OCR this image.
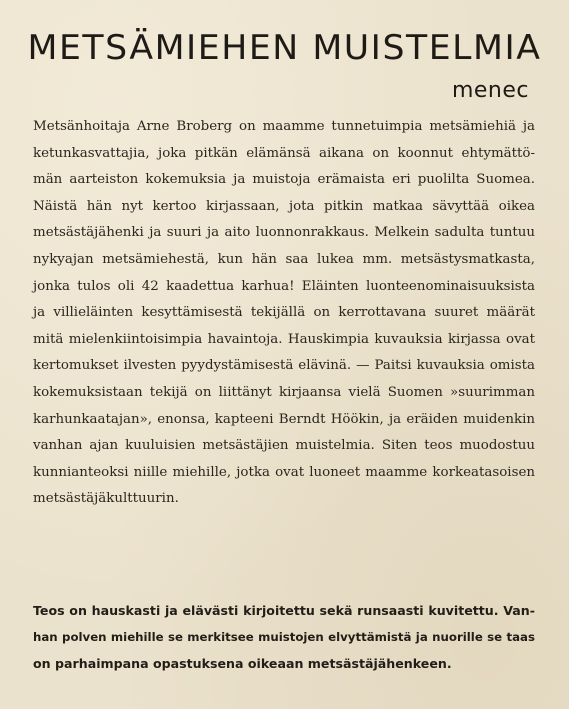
METSÄMIEHEN MUISTELMIA
menec
Metsänhoitaja Arne Broberg on maamme tunnetuimpia metsämiehiä ja
ketunkasvattajia, joka pitkän elämänsä aikana on koonnut ehtymättö-
män aarteiston kokemuksia ja muistoja erämaista eri puolilta Suomea.
Näistä hän nyt kertoo kirjassaan, jota pitkin matkaa sävyttää oikea
metsästäjähenki ja suuri ja aito luonnonrakkaus. Melkein sadulta tuntuu
nykyajan metsämiehestä, kun hän saa lukea mm. metsästysmatkasta,
jonka tulos oli 42 kaadettua karhua! Eläinten luonteenominaisuuksista
ja villieläinten kesyttämisestä tekijällä on kerrottavana suuret määrät
mitä mielenkiintoisimpia havaintoja. Hauskimpia kuvauksia kirjassa ovat
kertomukset ilvesten pyydystämisestä elävinä. — Paitsi kuvauksia omista
kokemuksistaan tekijä on liittänyt kirjaansa vielä Suomen »suurimman
karhunkaatajan», enonsa, kapteeni Berndt Höökin, ja eräiden muidenkin
vanhan ajan kuuluisien metsästäjien muistelmia. Siten teos muodostuu
kunnianteoksi niille miehille, jotka ovat luoneet maamme korkeatasoisen
metsästäjäkulttuurin.
Teos on hauskasti ja elävästi kirjoitettu sekä runsaasti kuvitettu. Van-
han polven miehille se merkitsee muistojen elvyttämistä ja nuorille se taas
on parhaimpana opastuksena oikeaan metsästäjähenkeen.
